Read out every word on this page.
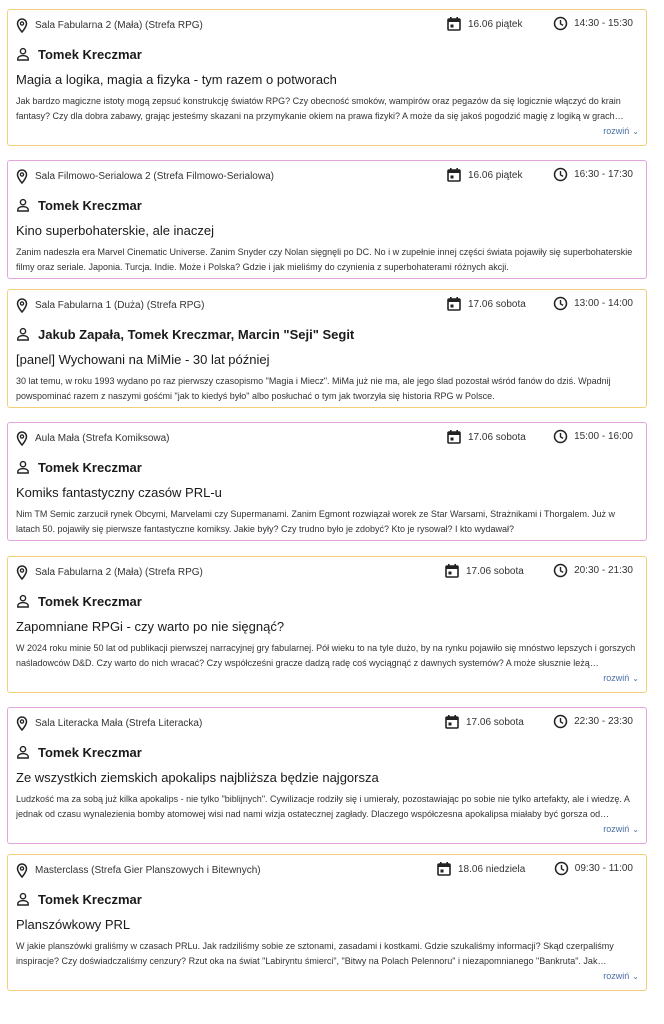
Sala Fabularna 2 (Mała) (Strefa RPG)	16.06 piątek	14:30 - 15:30
Tomek Kreczmar
Magia a logika, magia a fizyka - tym razem o potworach
Jak bardzo magiczne istoty mogą zepsuć konstrukcję światów RPG? Czy obecność smoków, wampirów oraz pegazów da się logicznie włączyć do krain fantasy? Czy dla dobra zabawy, grając jesteśmy skazani na przymykanie okiem na prawa fizyki? A może da się jakoś pogodzić magię z logiką w grach…
rozwiń ⌄
Sala Filmowo-Serialowa 2 (Strefa Filmowo-Serialowa)	16.06 piątek	16:30 - 17:30
Tomek Kreczmar
Kino superbohaterskie, ale inaczej
Zanim nadeszła era Marvel Cinematic Universe. Zanim Snyder czy Nolan sięgnęli po DC. No i w zupełnie innej części świata pojawiły się superbohaterskie filmy oraz seriale. Japonia. Turcja. Indie. Może i Polska? Gdzie i jak mieliśmy do czynienia z superbohaterami różnych akcji.
Sala Fabularna 1 (Duża) (Strefa RPG)	17.06 sobota	13:00 - 14:00
Jakub Zapała, Tomek Kreczmar, Marcin "Seji" Segit
[panel] Wychowani na MiMie - 30 lat później
30 lat temu, w roku 1993 wydano po raz pierwszy czasopismo "Magia i Miecz". MiMa już nie ma, ale jego ślad pozostał wśród fanów do dziś. Wpadnij powspominać razem z naszymi gośćmi "jak to kiedyś było" albo posłuchać o tym jak tworzyła się historia RPG w Polsce.
Aula Mała (Strefa Komiksowa)	17.06 sobota	15:00 - 16:00
Tomek Kreczmar
Komiks fantastyczny czasów PRL-u
Nim TM Semic zarzucił rynek Obcymi, Marvelami czy Supermanami. Zanim Egmont rozwiązał worek ze Star Warsami, Strażnikami i Thorgalem. Już w latach 50. pojawiły się pierwsze fantastyczne komiksy. Jakie były? Czy trudno było je zdobyć? Kto je rysował? I kto wydawał?
Sala Fabularna 2 (Mała) (Strefa RPG)	17.06 sobota	20:30 - 21:30
Tomek Kreczmar
Zapomniane RPGi - czy warto po nie sięgnąć?
W 2024 roku minie 50 lat od publikacji pierwszej narracyjnej gry fabularnej. Pół wieku to na tyle dużo, by na rynku pojawiło się mnóstwo lepszych i gorszych naśladowców D&D. Czy warto do nich wracać? Czy współcześni gracze dadzą radę coś wyciągnąć z dawnych systemów? A może słusznie leżą…
rozwiń ⌄
Sala Literacka Mała (Strefa Literacka)	17.06 sobota	22:30 - 23:30
Tomek Kreczmar
Ze wszystkich ziemskich apokalips najbliższa będzie najgorsza
Ludzkość ma za sobą już kilka apokalips - nie tylko "biblijnych". Cywilizacje rodziły się i umierały, pozostawiając po sobie nie tylko artefakty, ale i wiedzę. A jednak od czasu wynalezienia bomby atomowej wisi nad nami wizja ostatecznej zagłady. Dlaczego współczesna apokalipsa miałaby być gorsza od…
rozwiń ⌄
Masterclass (Strefa Gier Planszowych i Bitewnych)	18.06 niedziela	09:30 - 11:00
Tomek Kreczmar
Planszówkowy PRL
W jakie planszówki graliśmy w czasach PRLu. Jak radziliśmy sobie ze sztonami, zasadami i kostkami. Gdzie szukaliśmy informacji? Skąd czerpaliśmy inspiracje? Czy doświadczaliśmy cenzury? Rzut oka na świat "Labiryntu śmierci", "Bitwy na Polach Pelennoru" i niezapomnianego "Bankruta". Jak…
rozwiń ⌄
